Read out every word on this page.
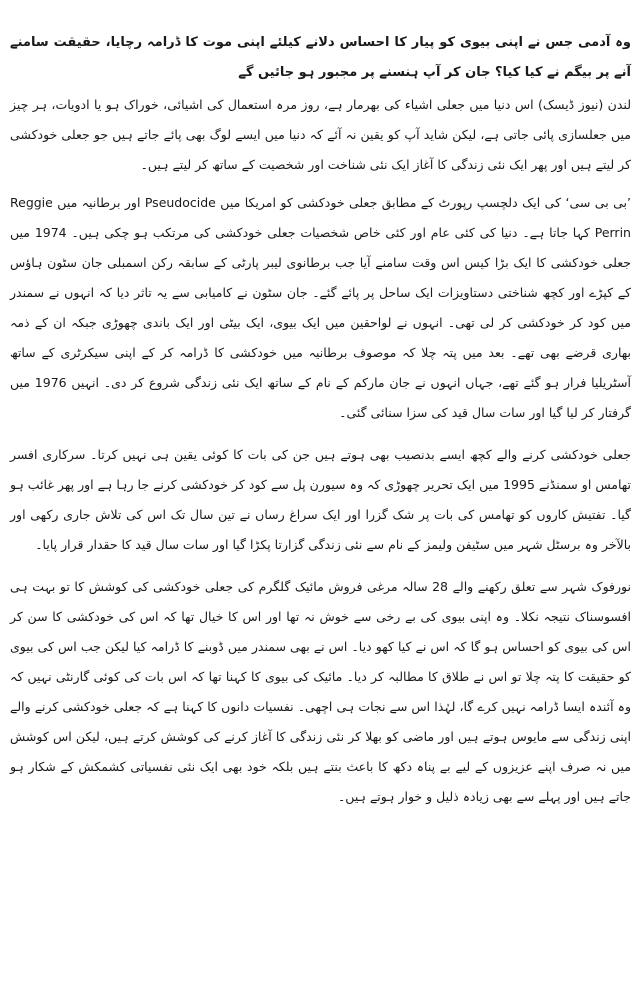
وہ آدمی جس نے اپنی بیوی کو پیار کا احساس دلانے کیلئے اپنی موت کا ڈرامہ رچایا، حقیقت سامنے آنے پر بیگم نے کیا کیا؟ جان کر آپ ہنسنے پر مجبور ہو جائیں گے

لندن (نیوز ڈیسک) اس دنیا میں جعلی اشیاء کی بھرمار ہے، روز مرہ استعمال کی اشیائی، خوراک ہو یا ادویات، ہر چیز میں جعلسازی پائی جاتی ہے، لیکن شاید آپ کو یقین نہ آئے کہ دنیا میں ایسے لوگ بھی پائے جاتے ہیں جو جعلی خودکشی کر لیتے ہیں اور پھر ایک نئی زندگی کا آغاز ایک نئی شناخت اور شخصیت کے ساتھ کر لیتے ہیں۔

’بی بی سی‘ کی ایک دلچسپ رپورٹ کے مطابق جعلی خودکشی کو امریکا میں Pseudocide اور برطانیہ میں Reggie Perrin کہا جاتا ہے۔ دنیا کی کئی عام اور کئی خاص شخصیات جعلی خودکشی کی مرتکب ہو چکی ہیں۔ 1974 میں جعلی خودکشی کا ایک بڑا کیس اس وقت سامنے آیا جب برطانوی لیبر پارٹی کے سابقہ رکن اسمبلی جان سٹون ہاؤس کے کپڑے اور کچھ شناختی دستاویزات ایک ساحل پر پائے گئے۔ جان سٹون نے کامیابی سے یہ تاثر دیا کہ انہوں نے سمندر میں کود کر خودکشی کر لی تھی۔ انہوں نے لواحقین میں ایک بیوی، ایک بیٹی اور ایک باندی چھوڑی جبکہ ان کے ذمہ بھاری قرضے بھی تھے۔ بعد میں پتہ چلا کہ موصوف برطانیہ میں خودکشی کا ڈرامہ کر کے اپنی سیکرٹری کے ساتھ آسٹریلیا فرار ہو گئے تھے، جہاں انہوں نے جان مارکم کے نام کے ساتھ ایک نئی زندگی شروع کر دی۔ انہیں 1976 میں گرفتار کر لیا گیا اور سات سال قید کی سزا سنائی گئی۔

جعلی خودکشی کرنے والے کچھ ایسے بدنصیب بھی ہوتے ہیں جن کی بات کا کوئی یقین ہی نہیں کرتا۔ سرکاری افسر تھامس او سمنڈنے 1995 میں ایک تحریر چھوڑی کہ وہ سیورن پل سے کود کر خودکشی کرنے جا رہا ہے اور پھر غائب ہو گیا۔ تفتیش کاروں کو تھامس کی بات پر شک گزرا اور ایک سراغ رساں نے تین سال تک اس کی تلاش جاری رکھی اور بالآخر وہ برسٹل شہر میں سٹیفن ولیمز کے نام سے نئی زندگی گزارتا پکڑا گیا اور سات سال قید کا حقدار قرار پایا۔

نورفوک شہر سے تعلق رکھنے والے 28 سالہ مرغی فروش مائیک گلگرم کی جعلی خودکشی کی کوشش کا تو بہت ہی افسوسناک نتیجہ نکلا۔ وہ اپنی بیوی کی بے رخی سے خوش نہ تھا اور اس کا خیال تھا کہ اس کی خودکشی کا سن کر اس کی بیوی کو احساس ہو گا کہ اس نے کیا کھو دیا۔ اس نے بھی سمندر میں ڈوبنے کا ڈرامہ کیا لیکن جب اس کی بیوی کو حقیقت کا پتہ چلا تو اس نے طلاق کا مطالبہ کر دیا۔ مائیک کی بیوی کا کہنا تھا کہ اس بات کی کوئی گارنٹی نہیں کہ وہ آئندہ ایسا ڈرامہ نہیں کرے گا، لہٰذا اس سے نجات ہی اچھی۔ نفسیات دانوں کا کہنا ہے کہ جعلی خودکشی کرنے والے اپنی زندگی سے مایوس ہوتے ہیں اور ماضی کو بھلا کر نئی زندگی کا آغاز کرنے کی کوشش کرتے ہیں، لیکن اس کوشش میں نہ صرف اپنے عزیزوں کے لیے بے پناہ دکھ کا باعث بنتے ہیں بلکہ خود بھی ایک نئی نفسیاتی کشمکش کے شکار ہو جاتے ہیں اور پہلے سے بھی زیادہ ذلیل و خوار ہوتے ہیں۔
